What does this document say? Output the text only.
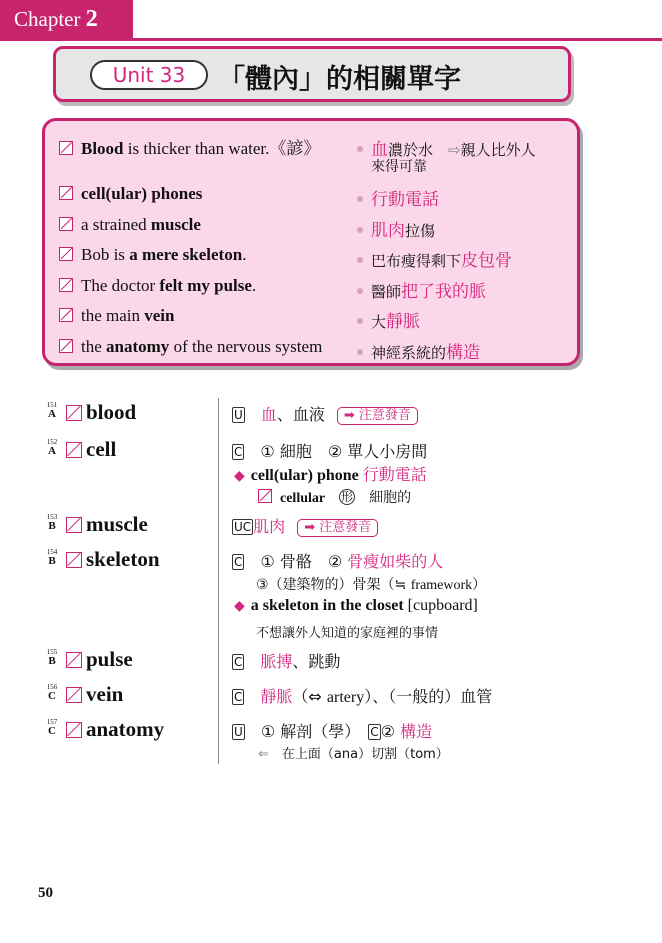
Chapter 2
Unit 33	「體內」的相關單字
Blood is thicker than water.《諺》	血濃於水　 ⇨親人比外人
來得可靠
cell(ular) phones	行動電話
a strained muscle	肌肉拉傷
Bob is a mere skeleton.	巴布瘦得剩下皮包骨
The doctor felt my pulse.	醫師把了我的脈
the main vein	大靜脈
the anatomy of the nervous system	神經系統的構造
151
A blood	U　 血、血液 ➡ 注意發音
152
A cell	C　 ① 細胞　② 單人小房間
◆ cell(ular) phone 行動電話
cellular　 形　 細胞的
153
B muscle	UC 肌肉 ➡ 注意發音
154
B skeleton	C　 ① 骨骼　② 骨瘦如柴的人
③（建築物的）骨架（≒ framework）
◆ a skeleton in the closet [cupboard]
不想讓外人知道的家庭裡的事情
155
B pulse	C　 脈搏、跳動
156
C vein	C　 靜脈（⇔ artery）、（一般的）血管
157
C anatomy	U　 ① 解剖（學）　 C ② 構造
⇐　 在上面（ana）切割（tom）
50
